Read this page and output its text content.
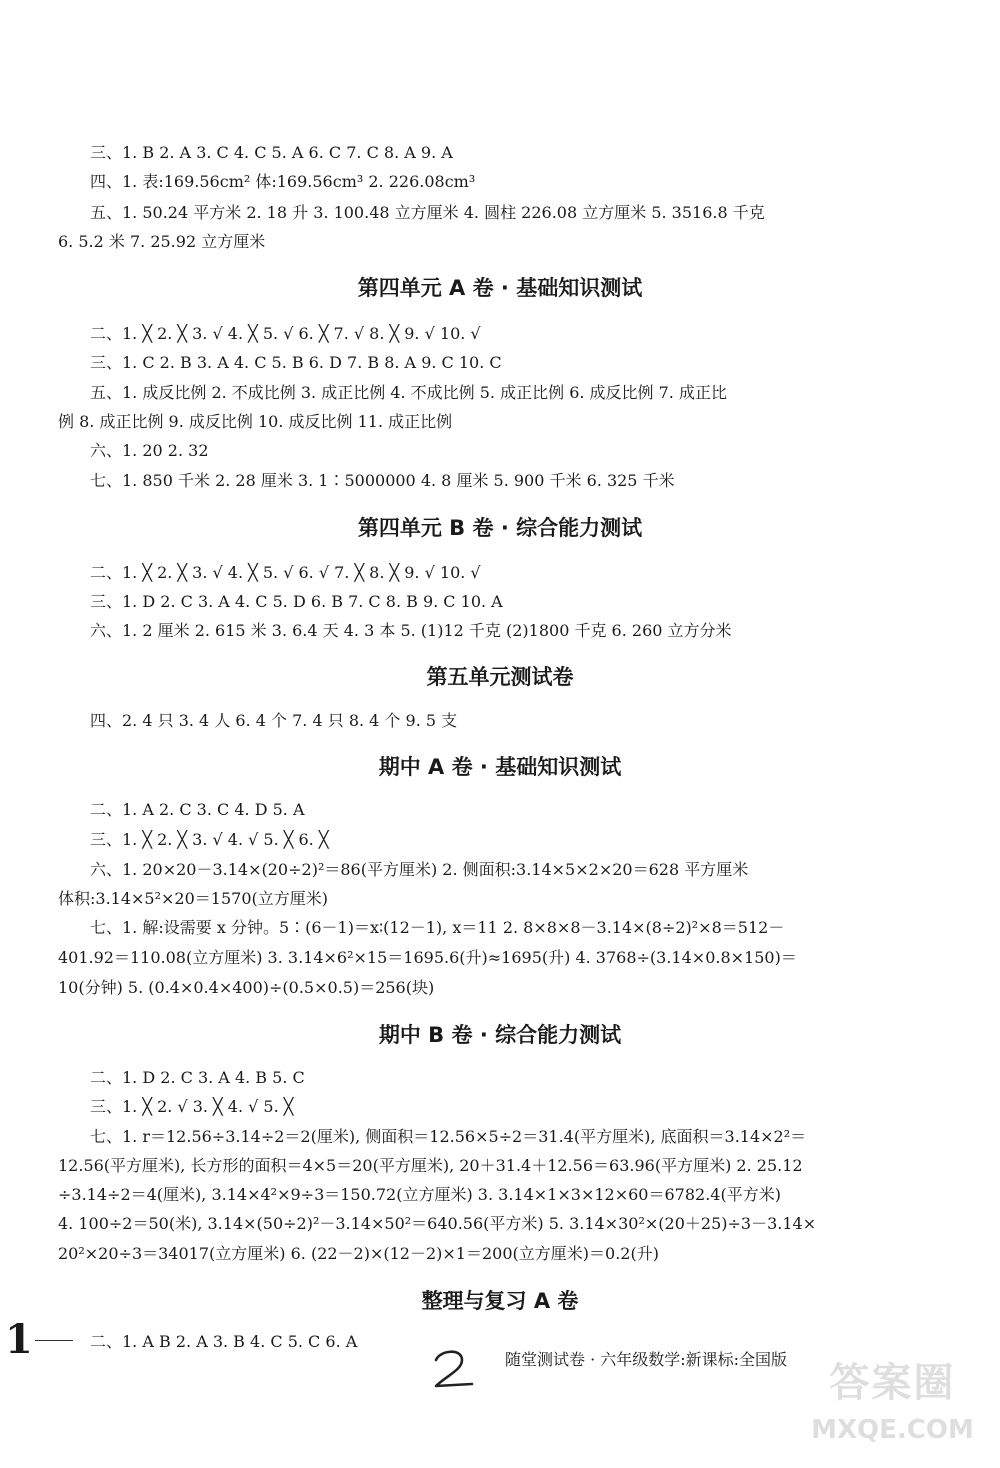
三、1. B 2. A 3. C 4. C 5. A 6. C 7. C 8. A 9. A
四、1. 表:169.56cm² 体:169.56cm³ 2. 226.08cm³
五、1. 50.24 平方米 2. 18 升 3. 100.48 立方厘米 4. 圆柱 226.08 立方厘米 5. 3516.8 千克
6. 5.2 米 7. 25.92 立方厘米
第四单元 A 卷 · 基础知识测试
二、1. ╳ 2. ╳ 3. √ 4. ╳ 5. √ 6. ╳ 7. √ 8. ╳ 9. √ 10. √
三、1. C 2. B 3. A 4. C 5. B 6. D 7. B 8. A 9. C 10. C
五、1. 成反比例 2. 不成比例 3. 成正比例 4. 不成比例 5. 成正比例 6. 成反比例 7. 成正比
例 8. 成正比例 9. 成反比例 10. 成反比例 11. 成正比例
六、1. 20 2. 32
七、1. 850 千米 2. 28 厘米 3. 1∶5000000 4. 8 厘米 5. 900 千米 6. 325 千米
第四单元 B 卷 · 综合能力测试
二、1. ╳ 2. ╳ 3. √ 4. ╳ 5. √ 6. √ 7. ╳ 8. ╳ 9. √ 10. √
三、1. D 2. C 3. A 4. C 5. D 6. B 7. C 8. B 9. C 10. A
六、1. 2 厘米 2. 615 米 3. 6.4 天 4. 3 本 5. (1)12 千克 (2)1800 千克 6. 260 立方分米
第五单元测试卷
四、2. 4 只 3. 4 人 6. 4 个 7. 4 只 8. 4 个 9. 5 支
期中 A 卷 · 基础知识测试
二、1. A 2. C 3. C 4. D 5. A
三、1. ╳ 2. ╳ 3. √ 4. √ 5. ╳ 6. ╳
六、1. 20×20－3.14×(20÷2)²＝86(平方厘米) 2. 侧面积:3.14×5×2×20＝628 平方厘米
体积:3.14×5²×20＝1570(立方厘米)
七、1. 解:设需要 x 分钟。5∶(6－1)＝x∶(12－1), x＝11 2. 8×8×8－3.14×(8÷2)²×8＝512－
401.92＝110.08(立方厘米) 3. 3.14×6²×15＝1695.6(升)≈1695(升) 4. 3768÷(3.14×0.8×150)＝
10(分钟) 5. (0.4×0.4×400)÷(0.5×0.5)＝256(块)
期中 B 卷 · 综合能力测试
二、1. D 2. C 3. A 4. B 5. C
三、1. ╳ 2. √ 3. ╳ 4. √ 5. ╳
七、1. r＝12.56÷3.14÷2＝2(厘米), 侧面积＝12.56×5÷2＝31.4(平方厘米), 底面积＝3.14×2²＝
12.56(平方厘米), 长方形的面积＝4×5＝20(平方厘米), 20＋31.4＋12.56＝63.96(平方厘米) 2. 25.12
÷3.14÷2＝4(厘米), 3.14×4²×9÷3＝150.72(立方厘米) 3. 3.14×1×3×12×60＝6782.4(平方米)
4. 100÷2＝50(米), 3.14×(50÷2)²－3.14×50²＝640.56(平方米) 5. 3.14×30²×(20＋25)÷3－3.14×
20²×20÷3＝34017(立方厘米) 6. (22－2)×(12－2)×1＝200(立方厘米)＝0.2(升)
整理与复习 A 卷
二、1. A B 2. A 3. B 4. C 5. C 6. A
1	随堂测试卷 · 六年级数学:新课标:全国版
答案圈
MXQE.COM
